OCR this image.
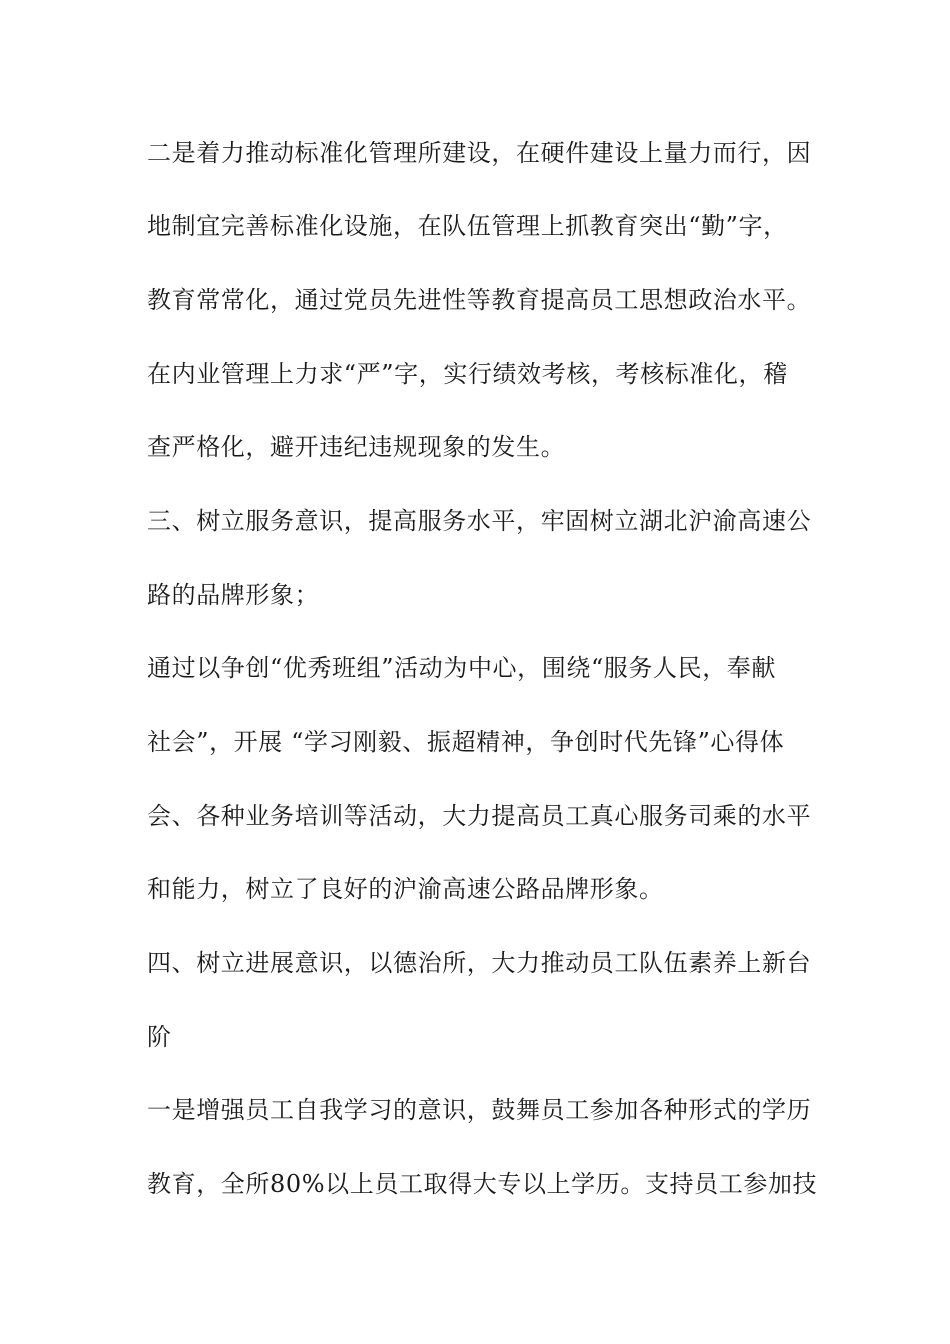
二是着力推动标准化管理所建设，在硬件建设上量力而行，因
地制宜完善标准化设施，在队伍管理上抓教育突出“勤”字，
教育常常化，通过党员先进性等教育提高员工思想政治水平。
在内业管理上力求“严”字，实行绩效考核，考核标准化，稽
查严格化，避开违纪违规现象的发生。
三、树立服务意识，提高服务水平，牢固树立湖北沪渝高速公
路的品牌形象；
通过以争创“优秀班组”活动为中心，围绕“服务人民，奉献
社会”，开展 “学习刚毅、振超精神，争创时代先锋”心得体
会、各种业务培训等活动，大力提高员工真心服务司乘的水平
和能力，树立了良好的沪渝高速公路品牌形象。
四、树立进展意识，以德治所，大力推动员工队伍素养上新台
阶
一是增强员工自我学习的意识，鼓舞员工参加各种形式的学历
教育，全所80%以上员工取得大专以上学历。支持员工参加技
